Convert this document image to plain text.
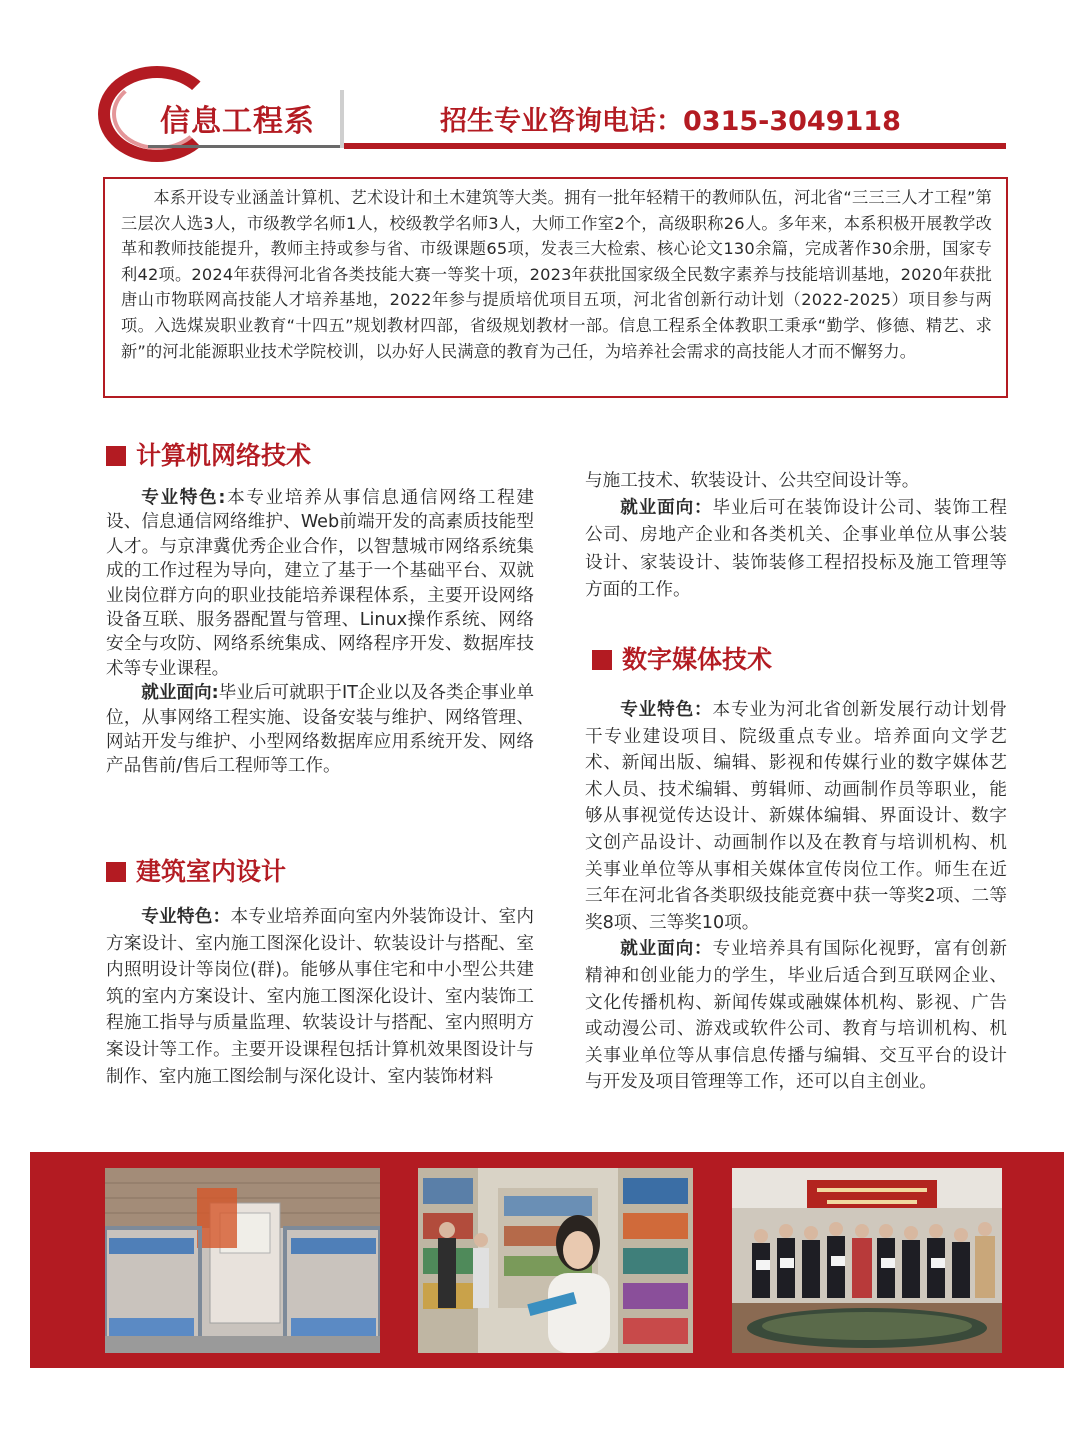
信息工程系	招生专业咨询电话：0315-3049118
本系开设专业涵盖计算机、艺术设计和土木建筑等大类。拥有一批年轻精干的教师队伍，河北省“三三三人才工程”第三层次人选3人，市级教学名师1人，校级教学名师3人，大师工作室2个，高级职称26人。多年来，本系积极开展教学改革和教师技能提升，教师主持或参与省、市级课题65项，发表三大检索、核心论文130余篇，完成著作30余册，国家专利42项。2024年获得河北省各类技能大赛一等奖十项，2023年获批国家级全民数字素养与技能培训基地，2020年获批唐山市物联网高技能人才培养基地，2022年参与提质培优项目五项，河北省创新行动计划（2022-2025）项目参与两项。入选煤炭职业教育“十四五”规划教材四部，省级规划教材一部。信息工程系全体教职工秉承“勤学、修德、精艺、求新”的河北能源职业技术学院校训，以办好人民满意的教育为己任，为培养社会需求的高技能人才而不懈努力。
计算机网络技术

专业特色:本专业培养从事信息通信网络工程建设、信息通信网络维护、Web前端开发的高素质技能型人才。与京津冀优秀企业合作，以智慧城市网络系统集成的工作过程为导向，建立了基于一个基础平台、双就业岗位群方向的职业技能培养课程体系，主要开设网络设备互联、服务器配置与管理、Linux操作系统、网络安全与攻防、网络系统集成、网络程序开发、数据库技术等专业课程。

就业面向:毕业后可就职于IT企业以及各类企事业单位，从事网络工程实施、设备安装与维护、网络管理、网站开发与维护、小型网络数据库应用系统开发、网络产品售前/售后工程师等工作。

建筑室内设计

专业特色：本专业培养面向室内外装饰设计、室内方案设计、室内施工图深化设计、软装设计与搭配、室内照明设计等岗位(群)。能够从事住宅和中小型公共建筑的室内方案设计、室内施工图深化设计、室内装饰工程施工指导与质量监理、软装设计与搭配、室内照明方案设计等工作。主要开设课程包括计算机效果图设计与制作、室内施工图绘制与深化设计、室内装饰材料

与施工技术、软装设计、公共空间设计等。

就业面向：毕业后可在装饰设计公司、装饰工程公司、房地产企业和各类机关、企事业单位从事公装设计、家装设计、装饰装修工程招投标及施工管理等方面的工作。

数字媒体技术

专业特色：本专业为河北省创新发展行动计划骨干专业建设项目、院级重点专业。培养面向文学艺术、新闻出版、编辑、影视和传媒行业的数字媒体艺术人员、技术编辑、剪辑师、动画制作员等职业，能够从事视觉传达设计、新媒体编辑、界面设计、数字文创产品设计、动画制作以及在教育与培训机构、机关事业单位等从事相关媒体宣传岗位工作。师生在近三年在河北省各类职级技能竞赛中获一等奖2项、二等奖8项、三等奖10项。

就业面向：专业培养具有国际化视野，富有创新精神和创业能力的学生，毕业后适合到互联网企业、文化传播机构、新闻传媒或融媒体机构、影视、广告或动漫公司、游戏或软件公司、教育与培训机构、机关事业单位等从事信息传播与编辑、交互平台的设计与开发及项目管理等工作，还可以自主创业。
